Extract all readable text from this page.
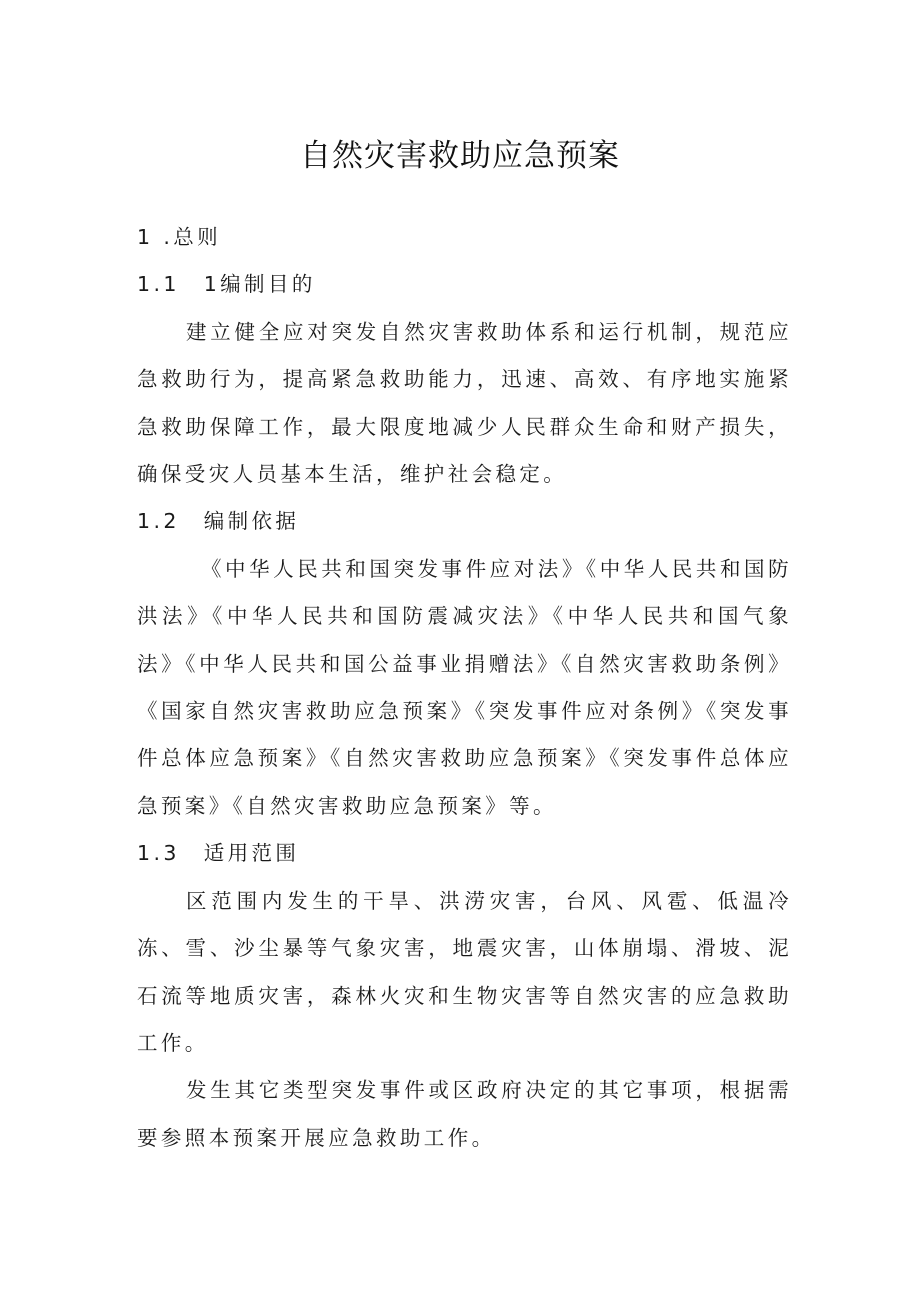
自然灾害救助应急预案

1 .总则

1.1　1编制目的

建立健全应对突发自然灾害救助体系和运行机制，规范应急救助行为，提高紧急救助能力，迅速、高效、有序地实施紧急救助保障工作，最大限度地减少人民群众生命和财产损失，确保受灾人员基本生活，维护社会稳定。

1.2　编制依据

《中华人民共和国突发事件应对法》《中华人民共和国防洪法》《中华人民共和国防震减灾法》《中华人民共和国气象法》《中华人民共和国公益事业捐赠法》《自然灾害救助条例》《国家自然灾害救助应急预案》《突发事件应对条例》《突发事件总体应急预案》《自然灾害救助应急预案》《突发事件总体应急预案》《自然灾害救助应急预案》等。

1.3　适用范围

区范围内发生的干旱、洪涝灾害，台风、风雹、低温冷冻、雪、沙尘暴等气象灾害，地震灾害，山体崩塌、滑坡、泥石流等地质灾害，森林火灾和生物灾害等自然灾害的应急救助工作。

发生其它类型突发事件或区政府决定的其它事项，根据需要参照本预案开展应急救助工作。
